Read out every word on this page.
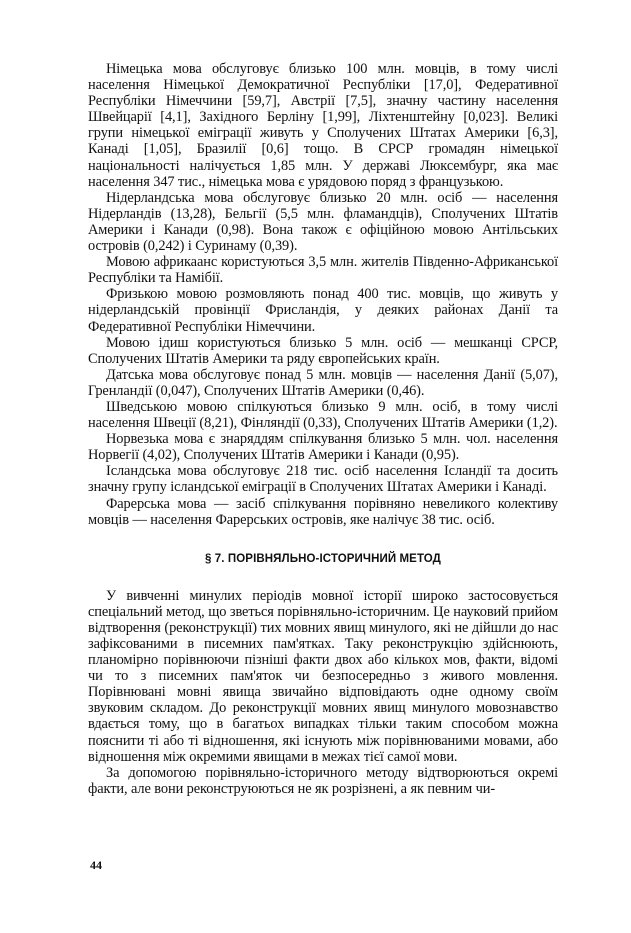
Німецька мова обслуговує близько 100 млн. мовців, в тому числі населення Німецької Демократичної Республіки [17,0], Федеративної Республіки Німеччини [59,7], Австрії [7,5], значну частину населення Швейцарії [4,1], Західного Берліну [1,99], Ліхтенштейну [0,023]. Великі групи німецької еміграції живуть у Сполучених Штатах Америки [6,3], Канаді [1,05], Бразилії [0,6] тощо. В СРСР громадян німецької національності налічується 1,85 млн. У державі Люксембург, яка має населення 347 тис., німецька мова є урядовою поряд з французькою.

Нідерландська мова обслуговує близько 20 млн. осіб — населення Нідерландів (13,28), Бельгії (5,5 млн. фламандців), Сполучених Штатів Америки і Канади (0,98). Вона також є офіційною мовою Антільських островів (0,242) і Суринаму (0,39).

Мовою африкаанс користуються 3,5 млн. жителів Південно-Африканської Республіки та Намібії.

Фризькою мовою розмовляють понад 400 тис. мовців, що живуть у нідерландській провінції Фрисландія, у деяких районах Данії та Федеративної Республіки Німеччини.

Мовою ідиш користуються близько 5 млн. осіб — мешканці СРСР, Сполучених Штатів Америки та ряду європейських країн.

Датська мова обслуговує понад 5 млн. мовців — населення Данії (5,07), Гренландії (0,047), Сполучених Штатів Америки (0,46).

Шведською мовою спілкуються близько 9 млн. осіб, в тому числі населення Швеції (8,21), Фінляндії (0,33), Сполучених Штатів Америки (1,2).

Норвезька мова є знаряддям спілкування близько 5 млн. чол. населення Норвегії (4,02), Сполучених Штатів Америки і Канади (0,95).

Ісландська мова обслуговує 218 тис. осіб населення Ісландії та досить значну групу ісландської еміграції в Сполучених Штатах Америки і Канаді.

Фарерська мова — засіб спілкування порівняно невеликого колективу мовців — населення Фарерських островів, яке налічує 38 тис. осіб.

§ 7. ПОРІВНЯЛЬНО-ІСТОРИЧНИЙ МЕТОД

У вивченні минулих періодів мовної історії широко застосовується спеціальний метод, що зветься порівняльно-історичним. Це науковий прийом відтворення (реконструкції) тих мовних явищ минулого, які не дійшли до нас зафіксованими в писемних пам'ятках. Таку реконструкцію здійснюють, планомірно порівнюючи пізніші факти двох або кількох мов, факти, відомі чи то з писемних пам'яток чи безпосередньо з живого мовлення. Порівнювані мовні явища звичайно відповідають одне одному своїм звуковим складом. До реконструкції мовних явищ минулого мовознавство вдається тому, що в багатьох випадках тільки таким способом можна пояснити ті або ті відношення, які існують між порівнюваними мовами, або відношення між окремими явищами в межах тієї самої мови.

За допомогою порівняльно-історичного методу відтворюються окремі факти, але вони реконструюються не як розрізнені, а як певним чи-

44
